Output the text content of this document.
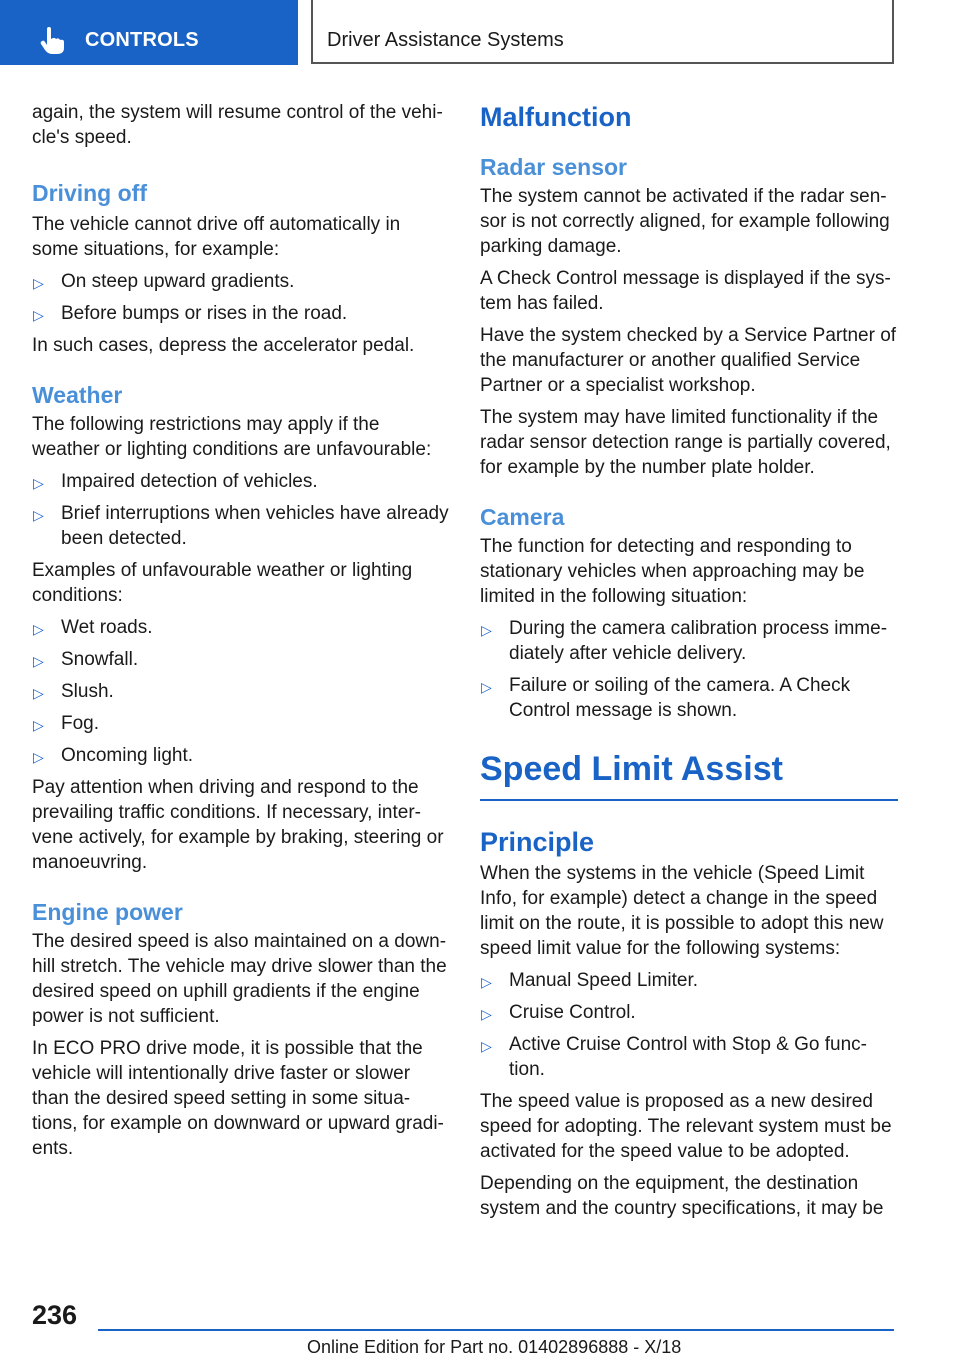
CONTROLS	Driver Assistance Systems

again, the system will resume control of the vehi-cle's speed.

Driving off

The vehicle cannot drive off automatically in some situations, for example:

▷ On steep upward gradients.
▷ Before bumps or rises in the road.

In such cases, depress the accelerator pedal.

Weather

The following restrictions may apply if the weather or lighting conditions are unfavourable:

▷ Impaired detection of vehicles.
▷ Brief interruptions when vehicles have already been detected.

Examples of unfavourable weather or lighting conditions:

▷ Wet roads.
▷ Snowfall.
▷ Slush.
▷ Fog.
▷ Oncoming light.

Pay attention when driving and respond to the prevailing traffic conditions. If necessary, inter-vene actively, for example by braking, steering or manoeuvring.

Engine power

The desired speed is also maintained on a down-hill stretch. The vehicle may drive slower than the desired speed on uphill gradients if the engine power is not sufficient.

In ECO PRO drive mode, it is possible that the vehicle will intentionally drive faster or slower than the desired speed setting in some situa-tions, for example on downward or upward gradi-ents.

Malfunction
Radar sensor

The system cannot be activated if the radar sen-sor is not correctly aligned, for example following parking damage.

A Check Control message is displayed if the sys-tem has failed.

Have the system checked by a Service Partner of the manufacturer or another qualified Service Partner or a specialist workshop.

The system may have limited functionality if the radar sensor detection range is partially covered, for example by the number plate holder.

Camera

The function for detecting and responding to stationary vehicles when approaching may be limited in the following situation:

▷ During the camera calibration process imme-diately after vehicle delivery.
▷ Failure or soiling of the camera. A Check Control message is shown.
Speed Limit Assist
Principle

When the systems in the vehicle (Speed Limit Info, for example) detect a change in the speed limit on the route, it is possible to adopt this new speed limit value for the following systems:

▷ Manual Speed Limiter.
▷ Cruise Control.
▷ Active Cruise Control with Stop & Go func-tion.

The speed value is proposed as a new desired speed for adopting. The relevant system must be activated for the speed value to be adopted.

Depending on the equipment, the destination system and the country specifications, it may be

236
Online Edition for Part no. 01402896888 - X/18
